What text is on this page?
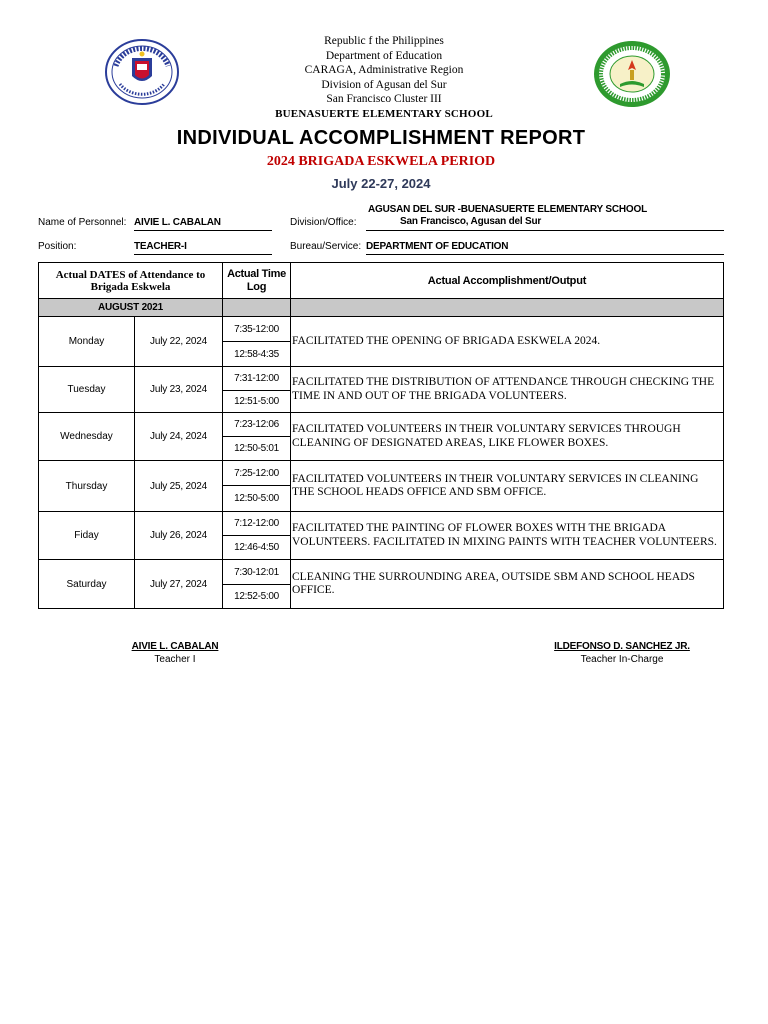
Republic f the Philippines
Department of Education
CARAGA, Administrative Region
Division of Agusan del Sur
San Francisco Cluster III
BUENASUERTE ELEMENTARY SCHOOL
INDIVIDUAL ACCOMPLISHMENT REPORT
2024 BRIGADA ESKWELA PERIOD
July 22-27, 2024
Name of Personnel: AIVIE L. CABALAN
Position:	TEACHER-I
Division/Office:
AGUSAN DEL SUR -BUENASUERTE ELEMENTARY SCHOOL
San Francisco, Agusan del Sur
Bureau/Service: DEPARTMENT OF EDUCATION
Actual DATES of Attendance to Brigada Eskwela		Actual Time Log	Actual Accomplishment/Output
AUGUST 2021			
Monday	July 22, 2024	7:35-12:00	FACILITATED THE OPENING OF BRIGADA ESKWELA 2024.
		12:58-4:35	
Tuesday	July 23, 2024	7:31-12:00	FACILITATED THE DISTRIBUTION OF ATTENDANCE THROUGH CHECKING THE TIME IN AND OUT OF THE BRIGADA VOLUNTEERS.
		12:51-5:00	
Wednesday	July 24, 2024	7:23-12:06	FACILITATED VOLUNTEERS IN THEIR VOLUNTARY SERVICES THROUGH CLEANING OF DESIGNATED AREAS, LIKE FLOWER BOXES.
		12:50-5:01	
Thursday	July 25, 2024	7:25-12:00	FACILITATED VOLUNTEERS IN THEIR VOLUNTARY SERVICES IN CLEANING THE SCHOOL HEADS OFFICE AND SBM OFFICE.
		12:50-5:00	
Fiday	July 26, 2024	7:12-12:00	FACILITATED THE PAINTING OF FLOWER BOXES WITH THE BRIGADA VOLUNTEERS. FACILITATED IN MIXING PAINTS WITH TEACHER VOLUNTEERS.
		12:46-4:50	
Saturday	July 27, 2024	7:30-12:01	CLEANING THE SURROUNDING AREA, OUTSIDE SBM AND SCHOOL HEADS OFFICE.
		12:52-5:00	
AIVIE L. CABALAN
Teacher I
ILDEFONSO D. SANCHEZ JR.
Teacher In-Charge
